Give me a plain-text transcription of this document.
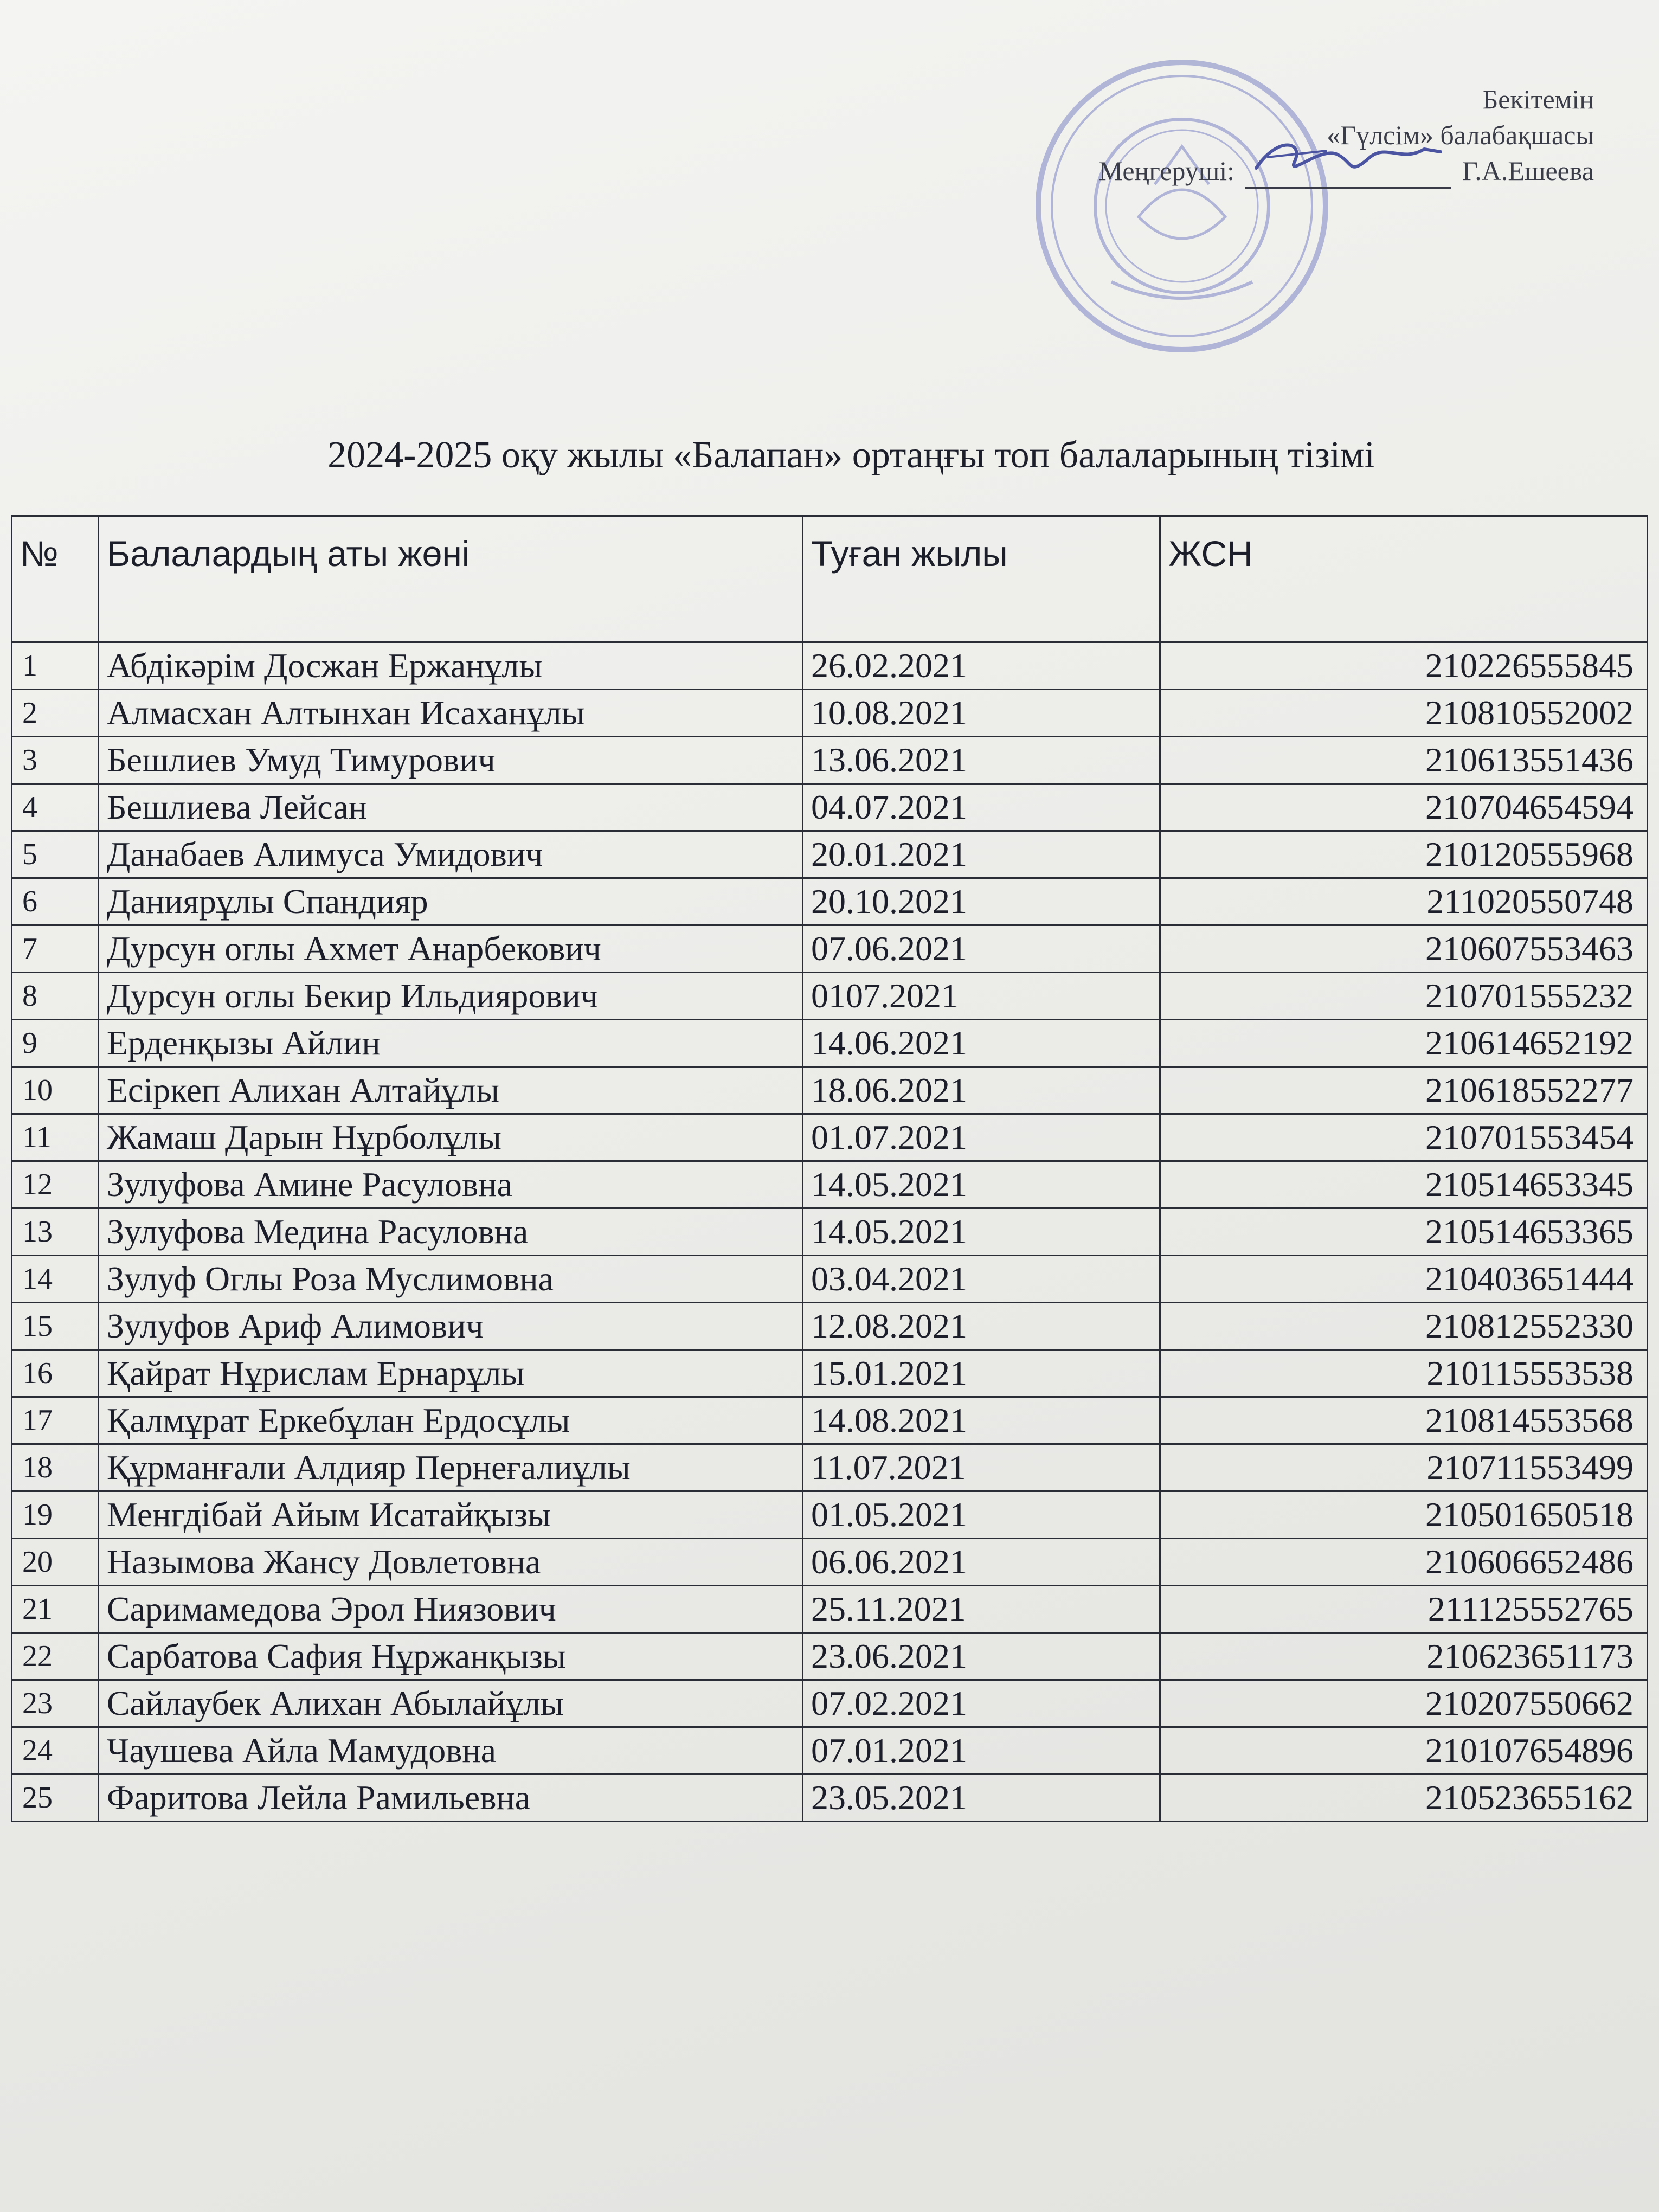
Бекітемін
«Гүлсім» балабақшасы
Меңгеруші:	Г.А.Ешеева
2024-2025 оқу жылы «Балапан» ортаңғы топ балаларының тізімі
№	Балалардың аты жөні	Туған жылы	ЖСН
1	Абдікәрім Досжан Ержанұлы	26.02.2021	210226555845
2	Алмасхан Алтынхан Исаханұлы	10.08.2021	210810552002
3	Бешлиев Умуд Тимурович	13.06.2021	210613551436
4	Бешлиева Лейсан	04.07.2021	210704654594
5	Данабаев Алимуса Умидович	20.01.2021	210120555968
6	Даниярұлы Спандияр	20.10.2021	211020550748
7	Дурсун оглы Ахмет Анарбекович	07.06.2021	210607553463
8	Дурсун оглы Бекир Ильдиярович	0107.2021	210701555232
9	Ерденқызы Айлин	14.06.2021	210614652192
10	Есіркеп Алихан Алтайұлы	18.06.2021	210618552277
11	Жамаш Дарын Нұрболұлы	01.07.2021	210701553454
12	Зулуфова Амине Расуловна	14.05.2021	210514653345
13	Зулуфова Медина Расуловна	14.05.2021	210514653365
14	Зулуф Оглы Роза Муслимовна	03.04.2021	210403651444
15	Зулуфов Ариф Алимович	12.08.2021	210812552330
16	Қайрат Нұрислам Ернарұлы	15.01.2021	210115553538
17	Қалмұрат Еркебұлан Ердосұлы	14.08.2021	210814553568
18	Құрманғали Алдияр Пернеғалиұлы	11.07.2021	210711553499
19	Менгдібай Айым Исатайқызы	01.05.2021	210501650518
20	Назымова Жансу Довлетовна	06.06.2021	210606652486
21	Саримамедова Эрол Ниязович	25.11.2021	211125552765
22	Сарбатова Сафия Нұржанқызы	23.06.2021	210623651173
23	Сайлаубек Алихан Абылайұлы	07.02.2021	210207550662
24	Чаушева Айла Мамудовна	07.01.2021	210107654896
25	Фаритова Лейла Рамильевна	23.05.2021	210523655162
